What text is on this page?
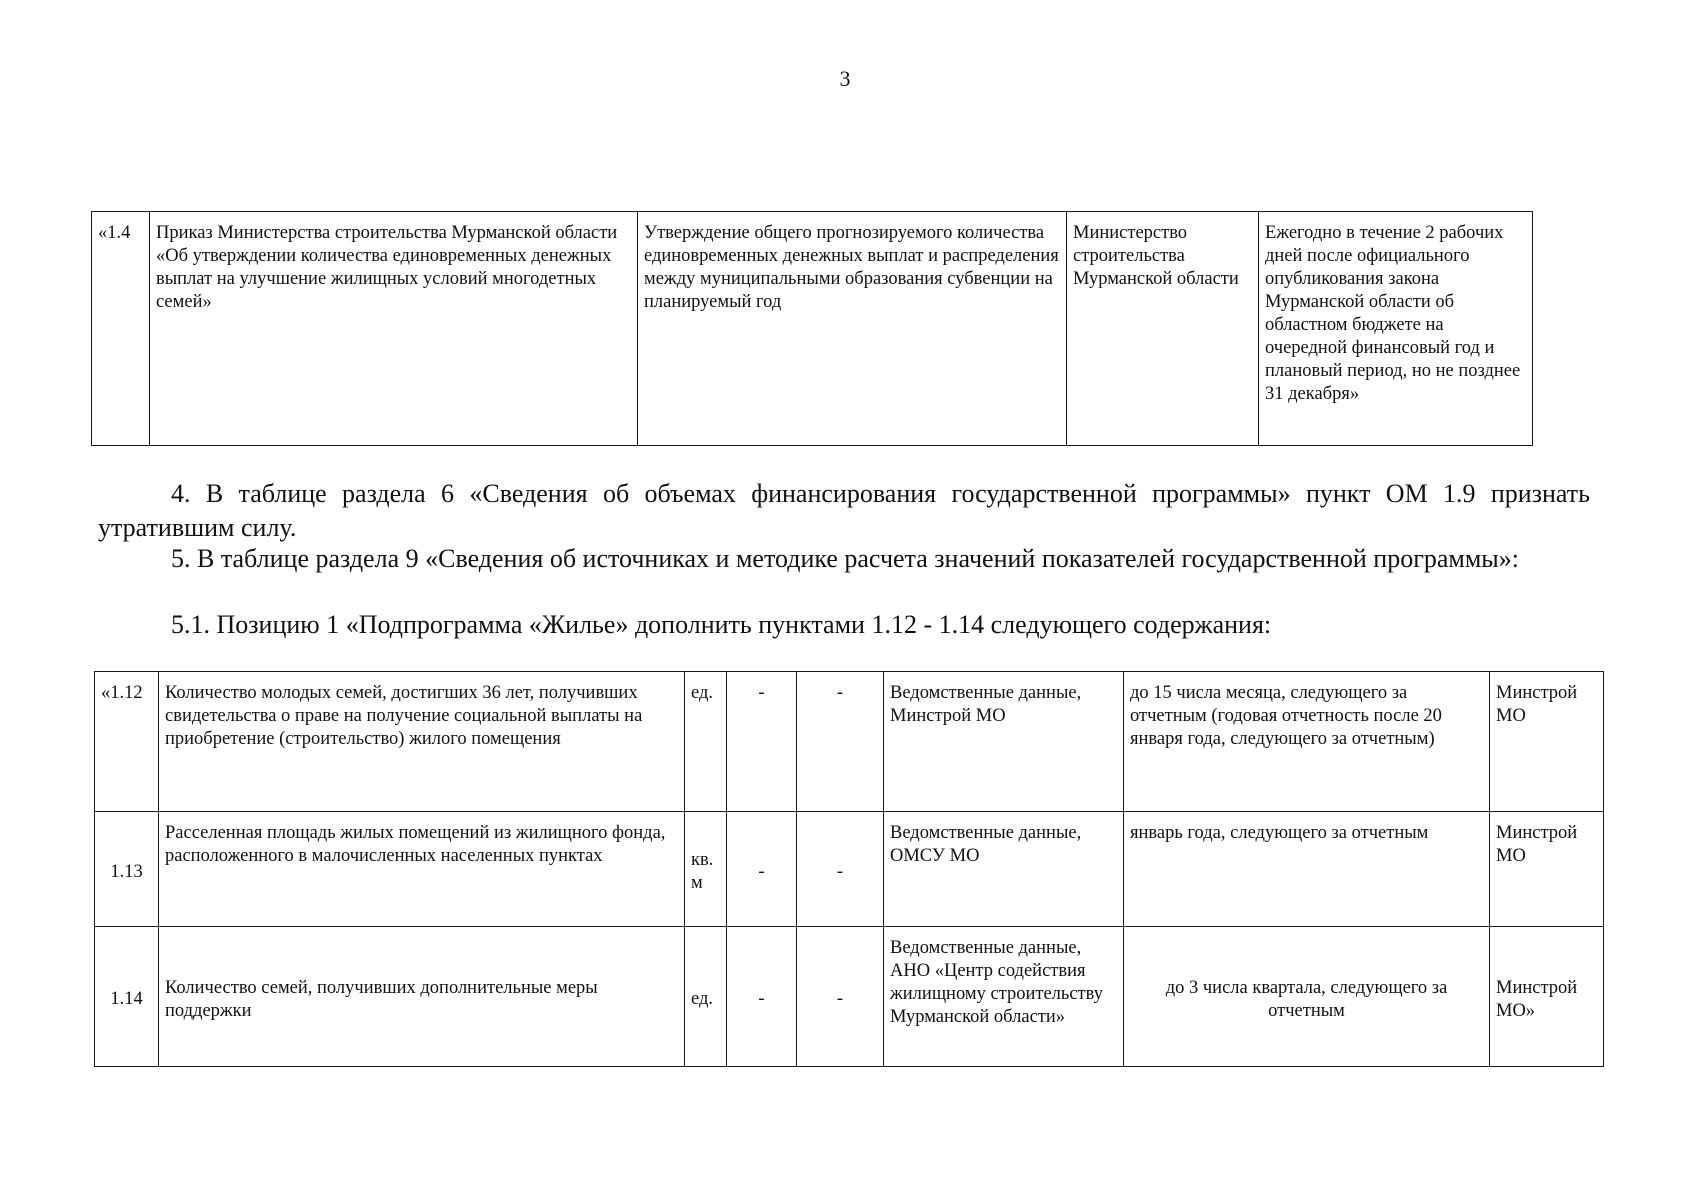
3
«1.4	Приказ Министерства строительства Мурманской области «Об утверждении количества единовременных денежных выплат на улучшение жилищных условий многодетных семей»	Утверждение общего прогнозируемого количества единовременных денежных выплат и распределения между муниципальными образования субвенции на планируемый год	Министерство строительства Мурманской области	Ежегодно в течение 2 рабочих дней после официального опубликования закона Мурманской области об областном бюджете на очередной финансовый год и плановый период, но не позднее 31 декабря»

4. В таблице раздела 6 «Сведения об объемах финансирования государственной программы» пункт ОМ 1.9 признать утратившим силу.

5. В таблице раздела 9 «Сведения об источниках и методике расчета значений показателей государственной программы»:

5.1. Позицию 1 «Подпрограмма «Жилье» дополнить пунктами 1.12 - 1.14 следующего содержания:

«1.12	Количество молодых семей, достигших 36 лет, получивших свидетельства о праве на получение социальной выплаты на приобретение (строительство) жилого помещения	ед.	-	-	Ведомственные данные, Минстрой МО	до 15 числа месяца, следующего за отчетным (годовая отчетность после 20 января года, следующего за отчетным)	Минстрой МО
1.13	Расселенная площадь жилых помещений из жилищного фонда, расположенного в малочисленных населенных пунктах	кв. м	-	-	Ведомственные данные, ОМСУ МО	январь года, следующего за отчетным	Минстрой МО
1.14	Количество семей, получивших дополнительные меры поддержки	ед.	-	-	Ведомственные данные, АНО «Центр содействия жилищному строительству Мурманской области»	до 3 числа квартала, следующего за отчетным	Минстрой МО»
